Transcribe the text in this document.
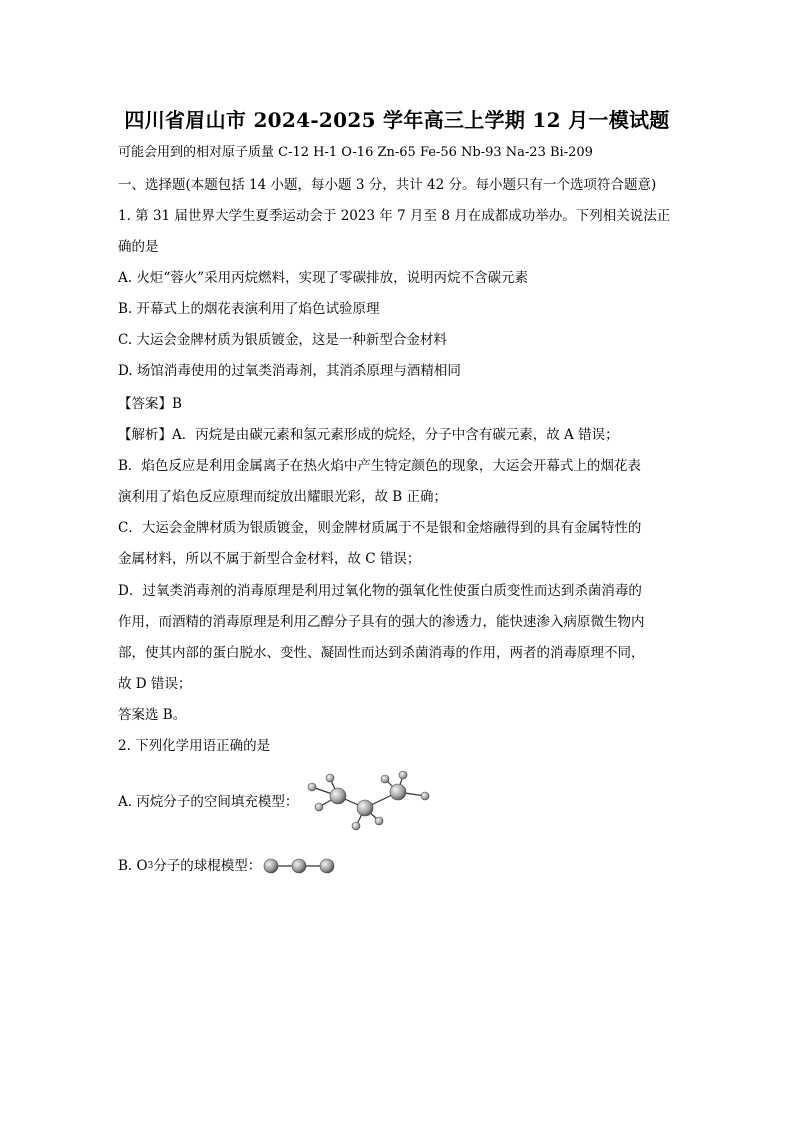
四川省眉山市 2024-2025 学年高三上学期 12 月一模试题
可能会用到的相对原子质量 C-12 H-1 O-16 Zn-65 Fe-56 Nb-93 Na-23 Bi-209
一、选择题(本题包括 14 小题，每小题 3 分，共计 42 分。每小题只有一个选项符合题意)
1. 第 31 届世界大学生夏季运动会于 2023 年 7 月至 8 月在成都成功举办。下列相关说法正
确的是
A. 火炬“蓉火”采用丙烷燃料，实现了零碳排放，说明丙烷不含碳元素
B. 开幕式上的烟花表演利用了焰色试验原理
C. 大运会金牌材质为银质镀金，这是一种新型合金材料
D. 场馆消毒使用的过氧类消毒剂，其消杀原理与酒精相同
【答案】B
【解析】A．丙烷是由碳元素和氢元素形成的烷烃，分子中含有碳元素，故 A 错误；
B．焰色反应是利用金属离子在热火焰中产生特定颜色的现象，大运会开幕式上的烟花表
演利用了焰色反应原理而绽放出耀眼光彩，故 B 正确；
C．大运会金牌材质为银质镀金，则金牌材质属于不是银和金熔融得到的具有金属特性的
金属材料，所以不属于新型合金材料，故 C 错误；
D．过氧类消毒剂的消毒原理是利用过氧化物的强氧化性使蛋白质变性而达到杀菌消毒的
作用，而酒精的消毒原理是利用乙醇分子具有的强大的渗透力，能快速渗入病原微生物内
部，使其内部的蛋白脱水、变性、凝固性而达到杀菌消毒的作用，两者的消毒原理不同，
故 D 错误；
答案选 B。
2. 下列化学用语正确的是
A. 丙烷分子的空间填充模型：
B. O 3 分子的球棍模型：
